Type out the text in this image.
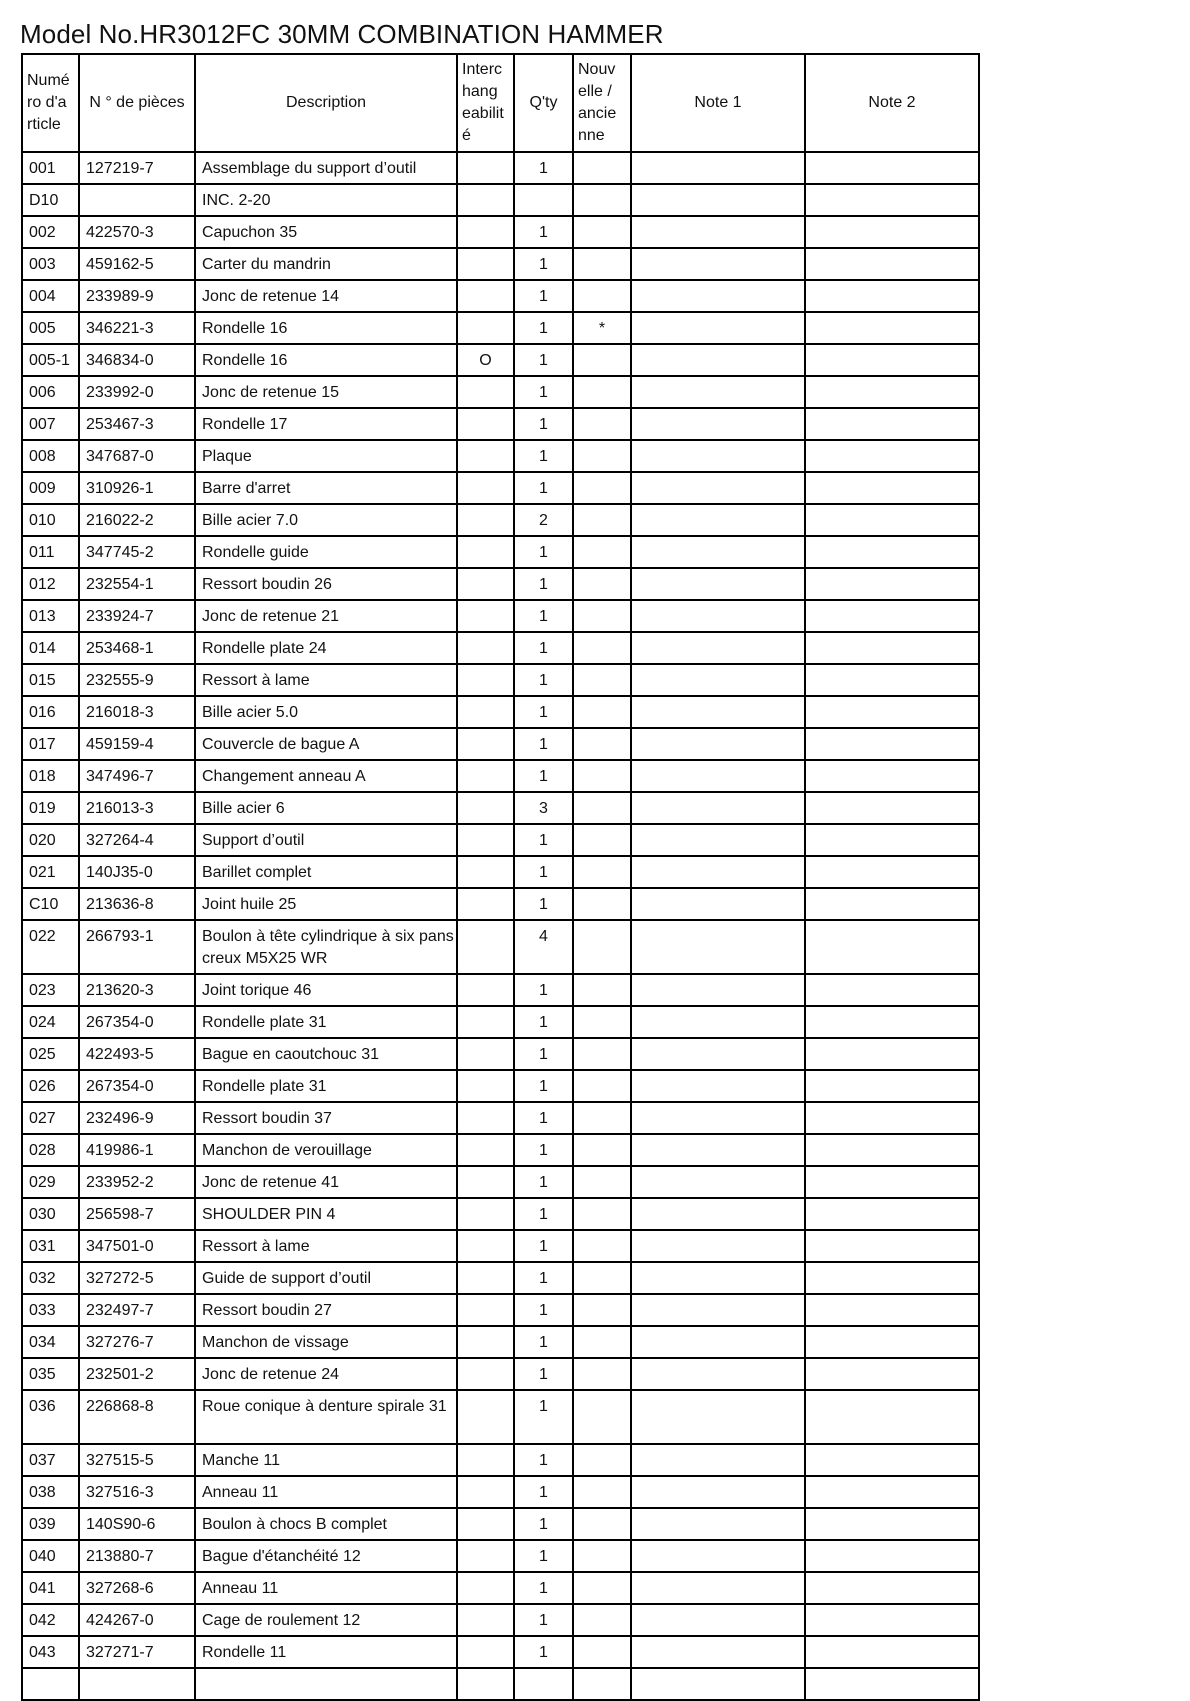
Model No.HR3012FC 30MM COMBINATION HAMMER
Numé ro d'a rticle	N ° de pièces	Description	Interc hang eabilit é	Q'ty	Nouv elle / ancie nne	Note 1	Note 2
001	127219-7	Assemblage du support d’outil		1			
D10		INC. 2-20					
002	422570-3	Capuchon 35		1			
003	459162-5	Carter du mandrin		1			
004	233989-9	Jonc de retenue 14		1			
005	346221-3	Rondelle 16		1	*		
005-1	346834-0	Rondelle 16	O	1			
006	233992-0	Jonc de retenue 15		1			
007	253467-3	Rondelle 17		1			
008	347687-0	Plaque		1			
009	310926-1	Barre d'arret		1			
010	216022-2	Bille acier 7.0		2			
011	347745-2	Rondelle guide		1			
012	232554-1	Ressort boudin 26		1			
013	233924-7	Jonc de retenue 21		1			
014	253468-1	Rondelle plate 24		1			
015	232555-9	Ressort à lame		1			
016	216018-3	Bille acier 5.0		1			
017	459159-4	Couvercle de bague A		1			
018	347496-7	Changement anneau A		1			
019	216013-3	Bille acier 6		3			
020	327264-4	Support d’outil		1			
021	140J35-0	Barillet complet		1			
C10	213636-8	Joint huile 25		1			
022	266793-1	Boulon à tête cylindrique à six pans creux M5X25 WR		4			
023	213620-3	Joint torique 46		1			
024	267354-0	Rondelle plate 31		1			
025	422493-5	Bague en caoutchouc 31		1			
026	267354-0	Rondelle plate 31		1			
027	232496-9	Ressort boudin 37		1			
028	419986-1	Manchon de verouillage		1			
029	233952-2	Jonc de retenue 41		1			
030	256598-7	SHOULDER PIN 4		1			
031	347501-0	Ressort à lame		1			
032	327272-5	Guide de support d’outil		1			
033	232497-7	Ressort boudin 27		1			
034	327276-7	Manchon de vissage		1			
035	232501-2	Jonc de retenue 24		1			
036	226868-8	Roue conique à denture spirale 31		1			
037	327515-5	Manche 11		1			
038	327516-3	Anneau 11		1			
039	140S90-6	Boulon à chocs B complet		1			
040	213880-7	Bague d'étanchéité 12		1			
041	327268-6	Anneau 11		1			
042	424267-0	Cage de roulement 12		1			
043	327271-7	Rondelle 11		1			
